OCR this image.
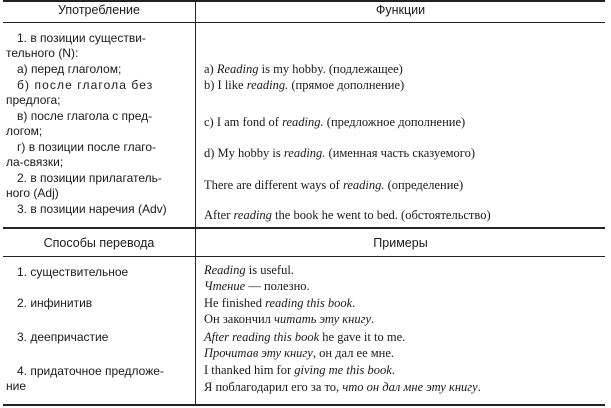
Употребление	Функции
1. в позиции существи-
тельного (N):
а) перед глаголом;
б) после глагола без
предлога;
в) после глагола с пред-
логом;
г) в позиции после глаго-
ла-связки;
2. в позиции прилагатель-
ного (Adj)
3. в позиции наречия (Adv)
а) Reading is my hobby. (подлежащее)
b) I like reading. (прямое дополнение)
с) I am fond of reading. (предложное дополнение)
d) My hobby is reading. (именная часть сказуемого)
There are different ways of reading. (определение)
After reading the book he went to bed. (обстоятельство)
Способы перевода	Примеры
1. существительное
2. инфинитив
3. деепричастие
4. придаточное предложе-
ние
Reading is useful.
Чтение — полезно.
He finished reading this book.
Он закончил читать эту книгу.
After reading this book he gave it to me.
Прочитав эту книгу, он дал ее мне.
I thanked him for giving me this book.
Я поблагодарил его за то, что он дал мне эту книгу.
